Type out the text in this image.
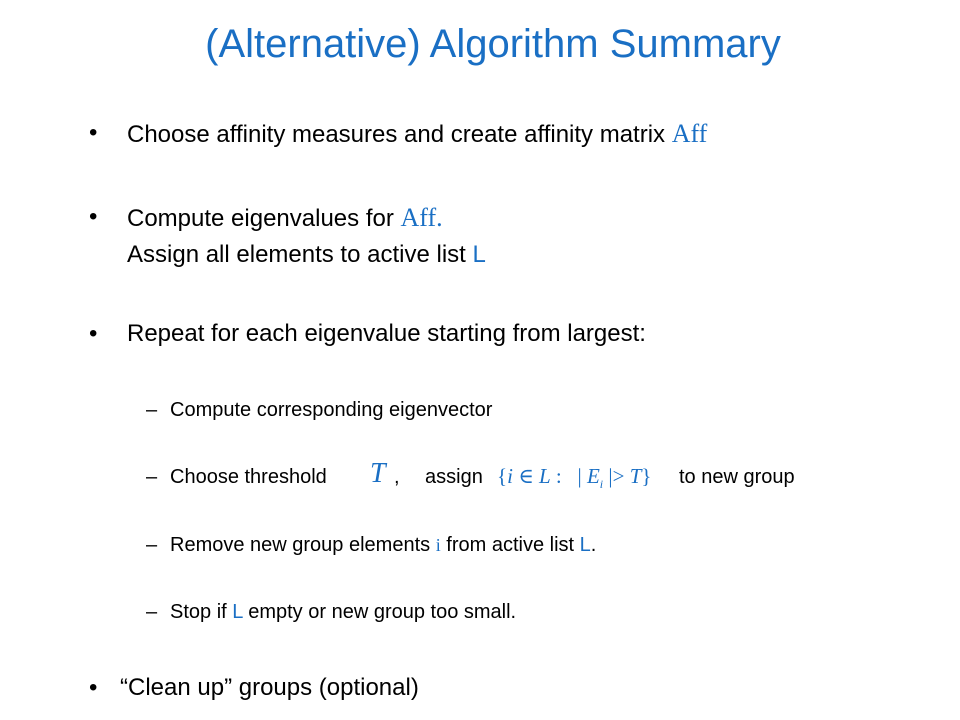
(Alternative) Algorithm Summary
• Choose affinity measures and create affinity matrix Aff
• Compute eigenvalues for Aff.
Assign all elements to active list L
• Repeat for each eigenvalue starting from largest:
– Compute corresponding eigenvector
– Choose threshold T , assign {i ∈ L :   | $E_i$ |> T} to new group
– Remove new group elements i from active list L.
– Stop if L empty or new group too small.
• “Clean up” groups (optional)
